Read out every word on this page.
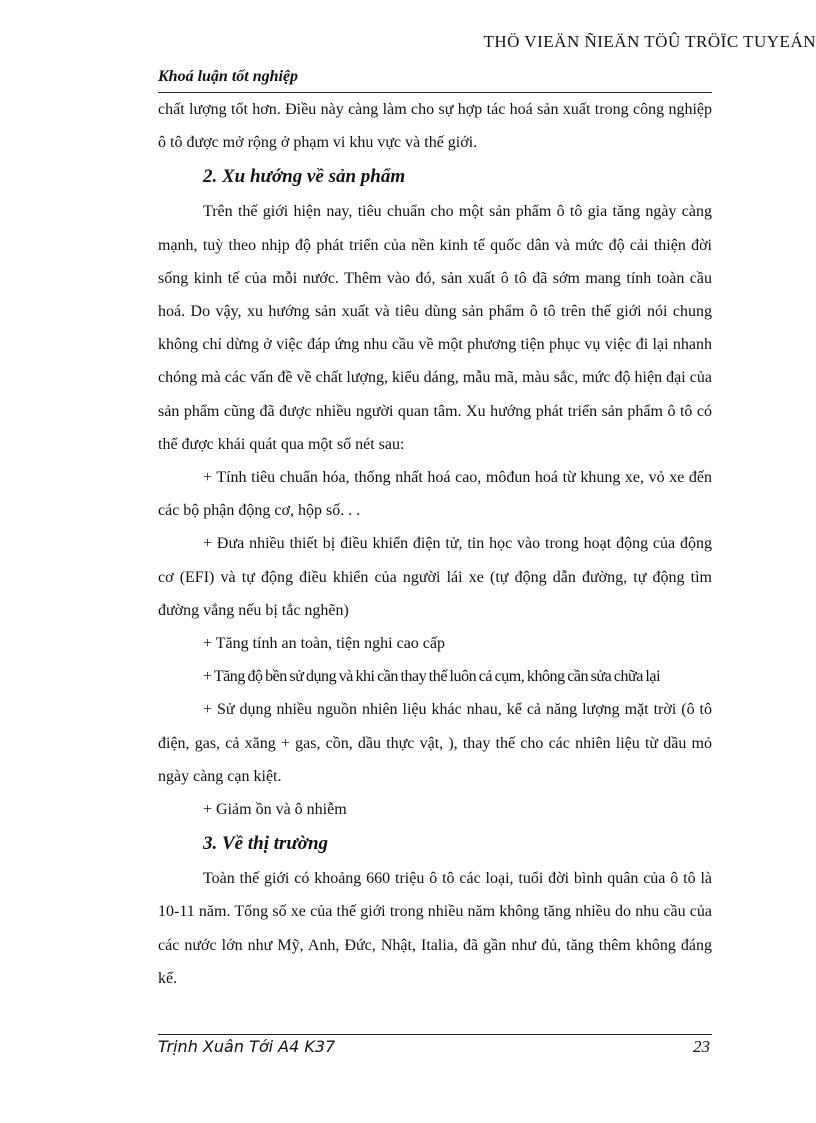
THÖ VIEÄN ÑIEÄN TÖÛ TRÖÏC TUYEÁN
Khoá luận tốt nghiệp

chất lượng tốt hơn. Điều này càng làm cho sự hợp tác hoá sản xuất trong công nghiệp ô tô được mở rộng ở phạm vi khu vực và thế giới.

2. Xu hướng về sản phẩm

Trên thế giới hiện nay, tiêu chuẩn cho một sản phẩm ô tô gia tăng ngày càng mạnh, tuỳ theo nhịp độ phát triển của nền kinh tế quốc dân và mức độ cải thiện đời sống kinh tế của mỗi nước. Thêm vào đó, sản xuất ô tô đã sớm mang tính toàn cầu hoá. Do vậy, xu hướng sản xuất và tiêu dùng sản phẩm ô tô trên thế giới nói chung không chỉ dừng ở việc đáp ứng nhu cầu về một phương tiện phục vụ việc đi lại nhanh chóng mà các vấn đề về chất lượng, kiểu dáng, mẫu mã, màu sắc, mức độ hiện đại của sản phẩm cũng đã được nhiều người quan tâm. Xu hướng phát triển sản phẩm ô tô có thể được khái quát qua một số nét sau:

+ Tính tiêu chuẩn hóa, thống nhất hoá cao, môđun hoá từ khung xe, vỏ xe đến các bộ phận động cơ, hộp số. . .

+ Đưa nhiều thiết bị điều khiển điện tử, tin học vào trong hoạt động của động cơ (EFI) và tự động điều khiển của người lái xe (tự động dẫn đường, tự động tìm đường vắng nếu bị tắc nghẽn)

+ Tăng tính an toàn, tiện nghi cao cấp

+ Tăng độ bền sử dụng và khi cần thay thế luôn cả cụm, không cần sửa chữa lại

+ Sử dụng nhiều nguồn nhiên liệu khác nhau, kể cả năng lượng mặt trời (ô tô điện, gas, cả xăng + gas, cồn, dầu thực vật, ), thay thế cho các nhiên liệu từ dầu mỏ ngày càng cạn kiệt.

+ Giảm ồn và ô nhiễm

3. Về thị trường

Toàn thế giới có khoảng 660 triệu ô tô các loại, tuổi đời bình quân của ô tô là 10-11 năm. Tổng số xe của thế giới trong nhiều năm không tăng nhiều do nhu cầu của các nước lớn như Mỹ, Anh, Đức, Nhật, Italia, đã gần như đủ, tăng thêm không đáng kể.

Trịnh Xuân Tới A4 K37	23
